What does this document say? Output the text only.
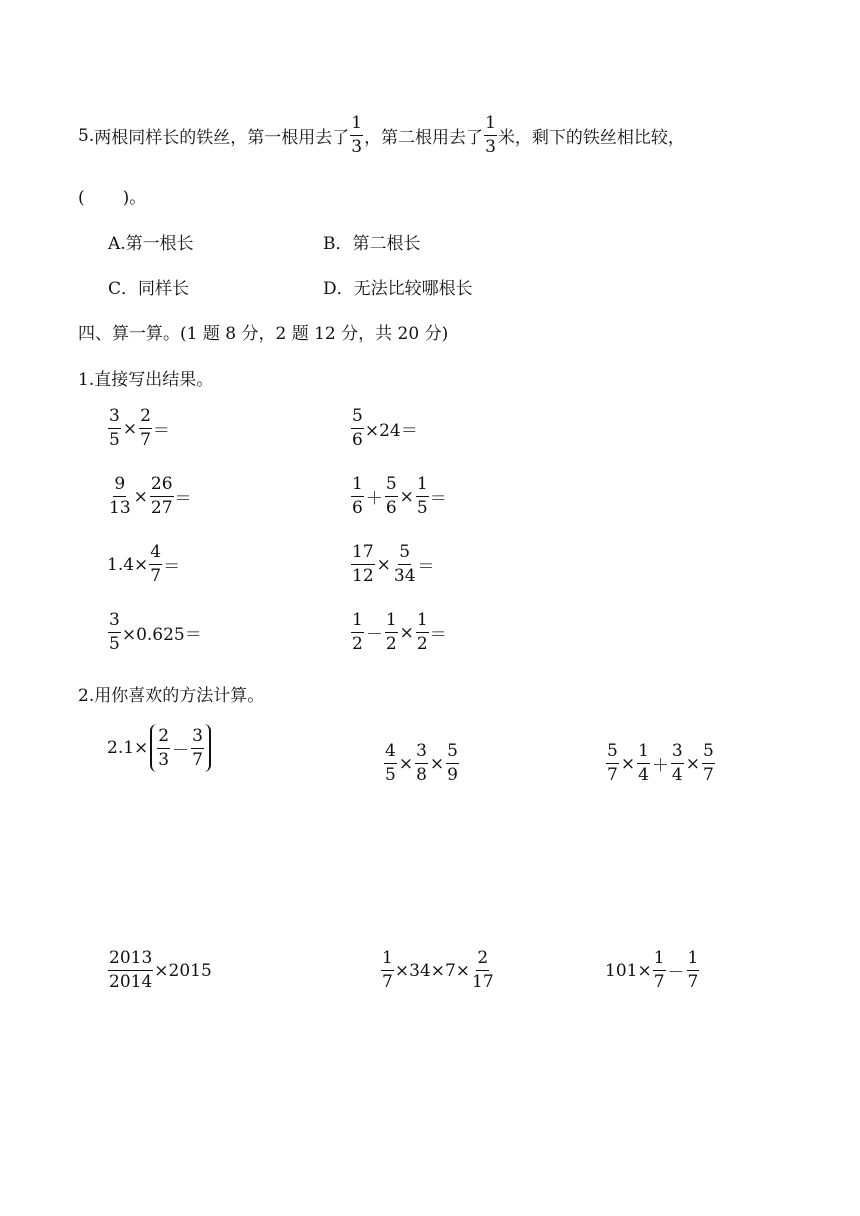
5. 两根同样长的铁丝，第一根用去了 $\frac{1}{3}$ ，第二根用去了 $\frac{1}{3}$ 米，剩下的铁丝相比较，
( )。
A.第一根长	B．第二根长
C．同样长	D．无法比较哪根长
四、算一算。(1 题 8 分，2 题 12 分，共 20 分)
1.直接写出结果。
$\frac{3}{5} \times \frac{2}{7}$ ＝	$\frac{5}{6} \times 24=$
$\frac{9}{13} \times \frac{26}{27}$ ＝	$\frac{1}{6} + \frac{5}{6} \times \frac{1}{5}$ ＝
$1.4\times \frac{4}{7}$ ＝	$\frac{17}{12} \times \frac{5}{34}$ ＝
$\frac{3}{5} \times 0.625=$	$\frac{1}{2} - \frac{1}{2} \times \frac{1}{2}$ ＝
2.用你喜欢的方法计算。
$2.1\times \frac{2}{3} - \frac{3}{7}$	$\frac{4}{5} \times \frac{3}{8} \times \frac{5}{9}$	$\frac{5}{7} \times \frac{1}{4} + \frac{3}{4} \times \frac{5}{7}$
$\frac{2013}{2014} \times 2015$	$\frac{1}{7} \times 34\times 7\times \frac{2}{17}$	$101\times \frac{1}{7} - \frac{1}{7}$
